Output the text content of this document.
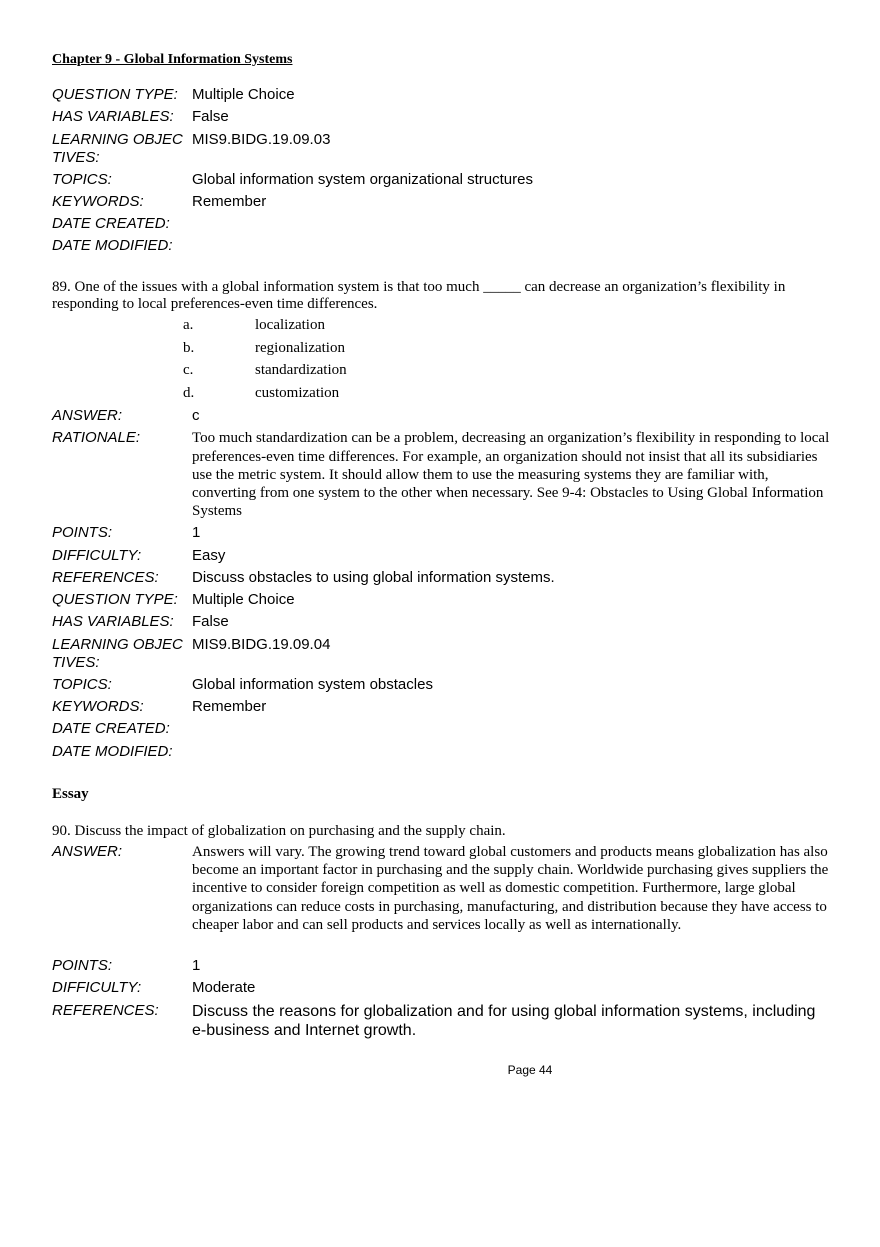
Chapter 9 - Global Information Systems
QUESTION TYPE: Multiple Choice
HAS VARIABLES:	False
LEARNING OBJECTIVES:
MIS9.BIDG.19.09.03
TOPICS:	Global information system organizational structures
KEYWORDS:	Remember
DATE CREATED:
DATE MODIFIED:
89. One of the issues with a global information system is that too much _____ can decrease an organization’s flexibility in responding to local preferences-even time differences.
a.	localization
b.	regionalization
c.	standardization
d.	customization
ANSWER:	c
RATIONALE:	Too much standardization can be a problem, decreasing an organization’s flexibility in responding to local preferences-even time differences. For example, an organization should not insist that all its subsidiaries use the metric system. It should allow them to use the measuring systems they are familiar with, converting from one system to the other when necessary. See 9-4: Obstacles to Using Global Information Systems
POINTS:	1
DIFFICULTY:	Easy
REFERENCES:	Discuss obstacles to using global information systems.
QUESTION TYPE: Multiple Choice
HAS VARIABLES:	False
LEARNING OBJECTIVES:
MIS9.BIDG.19.09.04
TOPICS:	Global information system obstacles
KEYWORDS:	Remember
DATE CREATED:
DATE MODIFIED:
Essay
90. Discuss the impact of globalization on purchasing and the supply chain.
ANSWER:	Answers will vary. The growing trend toward global customers and products means globalization has also become an important factor in purchasing and the supply chain. Worldwide purchasing gives suppliers the incentive to consider foreign competition as well as domestic competition. Furthermore, large global organizations can reduce costs in purchasing, manufacturing, and distribution because they have access to cheaper labor and can sell products and services locally as well as internationally.
POINTS:	1
DIFFICULTY:	Moderate
REFERENCES:	Discuss the reasons for globalization and for using global information systems, including e-business and Internet growth.
Page 44
